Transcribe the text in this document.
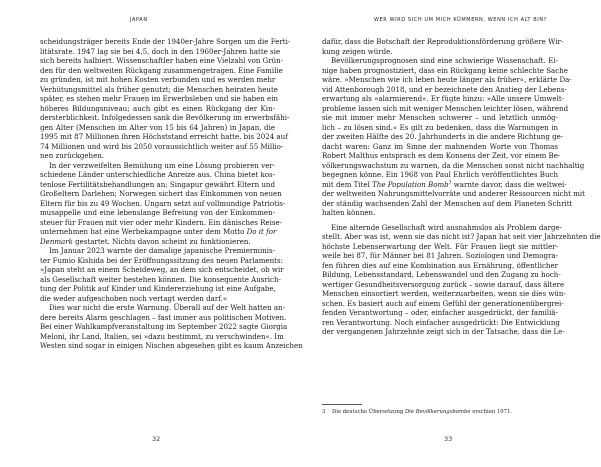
JAPAN
scheidungsträger bereits Ende der 1940er-Jahre Sorgen um die Ferti-
litätsrate. 1947 lag sie bei 4,5, doch in den 1960er-Jahren hatte sie
sich bereits halbiert. Wissenschaftler haben eine Vielzahl von Grün-
den für den weltweiten Rückgang zusammengetragen. Eine Familie
zu gründen, ist mit hohen Kosten verbunden und es werden mehr
Verhütungsmittel als früher genutzt; die Menschen heiraten heute
später, es stehen mehr Frauen im Erwerbsleben und sie haben ein
höheres Bildungsniveau; auch gibt es einen Rückgang der Kin-
dersterblichkeit. Infolgedessen sank die Bevölkerung im erwerbsfähi-
gen Alter (Menschen im Alter von 15 bis 64 Jahren) in Japan, die
1995 mit 87 Millionen ihren Höchststand erreicht hatte, bis 2024 auf
74 Millionen und wird bis 2050 voraussichtlich weiter auf 55 Millio-
nen zurückgehen.
In der verzweifelten Bemühung um eine Lösung probieren ver-
schiedene Länder unterschiedliche Anreize aus. China bietet kos-
tenlose Fertilitätsbehandlungen an; Singapur gewährt Eltern und
Großeltern Darlehen; Norwegen sichert das Einkommen von neuen
Eltern für bis zu 49 Wochen. Ungarn setzt auf vollmundige Patriotis-
musappelle und eine lebenslange Befreiung von der Einkommen-
steuer für Frauen mit vier oder mehr Kindern. Ein dänisches Reise-
unternehmen hat eine Werbekampagne unter dem Motto Do it for
Denmark gestartet. Nichts davon scheint zu funktionieren.
Im Januar 2023 warnte der damalige japanische Premierminis-
ter Fumio Kishida bei der Eröffnungssitzung des neuen Parlaments:
»Japan steht an einem Scheideweg, an dem sich entscheidet, ob wir
als Gesellschaft weiter bestehen können. Die konsequente Ausrich-
tung der Politik auf Kinder und Kindererziehung ist eine Aufgabe,
die weder aufgeschoben noch vertagt werden darf.«
Dies war nicht die erste Warnung. Überall auf der Welt hatten an-
dere bereits Alarm geschlagen – fast immer aus politischen Motiven.
Bei einer Wahlkampfveranstaltung im September 2022 sagte Giorgia
Meloni, ihr Land, Italien, sei »dazu bestimmt, zu verschwinden«. Im
Westen sind sogar in einigen Nischen abgesehen gibt es kaum Anzeichen
32
WER WIRD SICH UM MICH KÜMMERN, WENN ICH ALT BIN?
dafür, dass die Botschaft der Reproduktionsförderung größere Wir-
kung zeigen würde.
Bevölkerungsprognosen sind eine schwierige Wissenschaft. Ei-
nige haben prognostiziert, dass ein Rückgang keine schlechte Sache
wäre. »Menschen wie ich leben heute länger als früher«, erklärte Da-
vid Attenborough 2018, und er bezeichnete den Anstieg der Lebens-
erwartung als »alarmierend«. Er fügte hinzu: »Alle unsere Umwelt-
probleme lassen sich mit weniger Menschen leichter lösen, während
sie mit immer mehr Menschen schwerer – und letztlich unmög-
lich – zu lösen sind.« Es gilt zu bedenken, dass die Warnungen in
der zweiten Hälfte des 20. Jahrhunderts in die andere Richtung ge-
dacht waren: Ganz im Sinne der mahnenden Worte von Thomas
Robert Malthus entsprach es dem Konsens der Zeit, vor einem Be-
völkerungswachstum zu warnen, da die Menschen sonst nicht nachhaltig
begegnen könne. Ein 1968 von Paul Ehrlich veröffentlichtes Buch
mit dem Titel The Population Bomb$^3$ warnte davor, dass die weltwei-
der weltweiten Nahrungsmittelvorräte und anderer Ressourcen nicht mit
der ständig wachsenden Zahl der Menschen auf dem Planeten Schritt
halten können.
Eine alternde Gesellschaft wird ausnahmslos als Problem darge-
stellt. Aber was ist, wenn sie das nicht ist? Japan hat seit vier Jahrzehnten die
höchste Lebenserwartung der Welt. Für Frauen liegt sie mittler-
weile bei 87, für Männer bei 81 Jahren. Soziologen und Demogra-
fen führen dies auf eine Kombination aus Ernährung, öffentlicher
Bildung, Lebensstandard, Lebenswandel und den Zugang zu hoch-
wertiger Gesundheitsversorgung zurück – sowie darauf, dass ältere
Menschen einsortiert werden, weiterzuarbeiten, wenn sie dies wün-
schen. Es basiert auch auf einem Gefühl der generationenübergrei-
fenden Verantwortung – oder, einfacher ausgedrückt, der familiä-
ren Verantwortung. Noch einfacher ausgedrückt: Die Entwicklung
der vergangenen Jahrzehnte zeigt sich in der Tatsache, dass die Le-
3 Die deutsche Übersetzung Die Bevölkerungsbombe erschien 1971.
33
